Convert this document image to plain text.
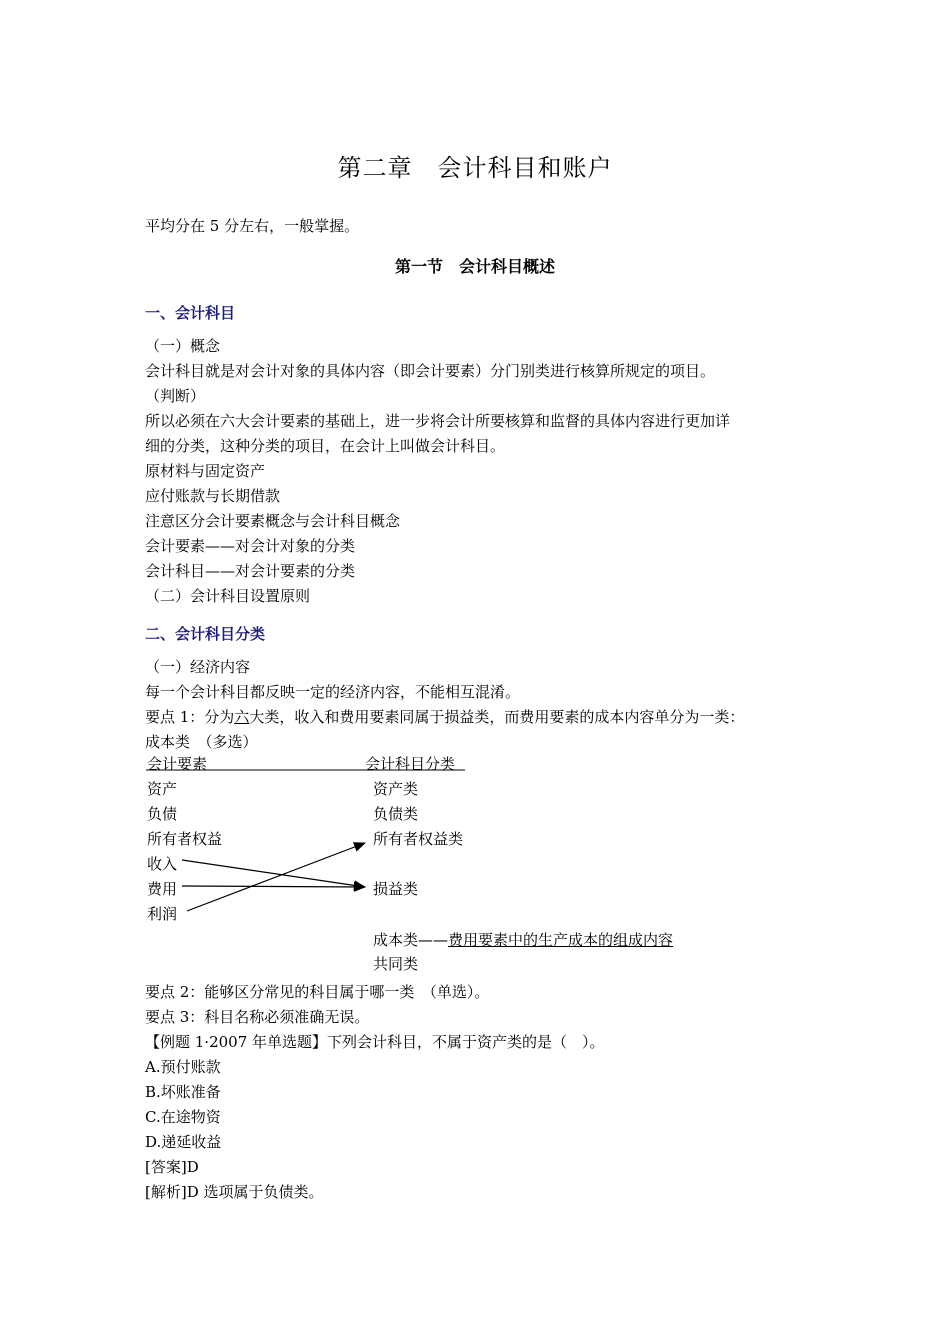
第二章　会计科目和账户
平均分在 5 分左右，一般掌握。
第一节　会计科目概述
一、会计科目
（一）概念
会计科目就是对会计对象的具体内容（即会计要素）分门别类进行核算所规定的项目。
（判断）
所以必须在六大会计要素的基础上，进一步将会计所要核算和监督的具体内容进行更加详
细的分类，这种分类的项目，在会计上叫做会计科目。
原材料与固定资产
应付账款与长期借款
注意区分会计要素概念与会计科目概念
会计要素——对会计对象的分类
会计科目——对会计要素的分类
（二）会计科目设置原则
二、会计科目分类
（一）经济内容
每一个会计科目都反映一定的经济内容，不能相互混淆。
要点 1：分为六大类，收入和费用要素同属于损益类，而费用要素的成本内容单分为一类：
成本类　（多选）
会计要素	会计科目分类
资产
负债
所有者权益
收入
费用
利润
资产类
负债类
所有者权益类
损益类
成本类——费用要素中的生产成本的组成内容
共同类
要点 2：能够区分常见的科目属于哪一类　（单选）。
要点 3：科目名称必须准确无误。
【例题 1·2007 年单选题】下列会计科目，不属于资产类的是（　）。
A.预付账款
B.坏账准备
C.在途物资
D.递延收益
[答案]D
[解析]D 选项属于负债类。
